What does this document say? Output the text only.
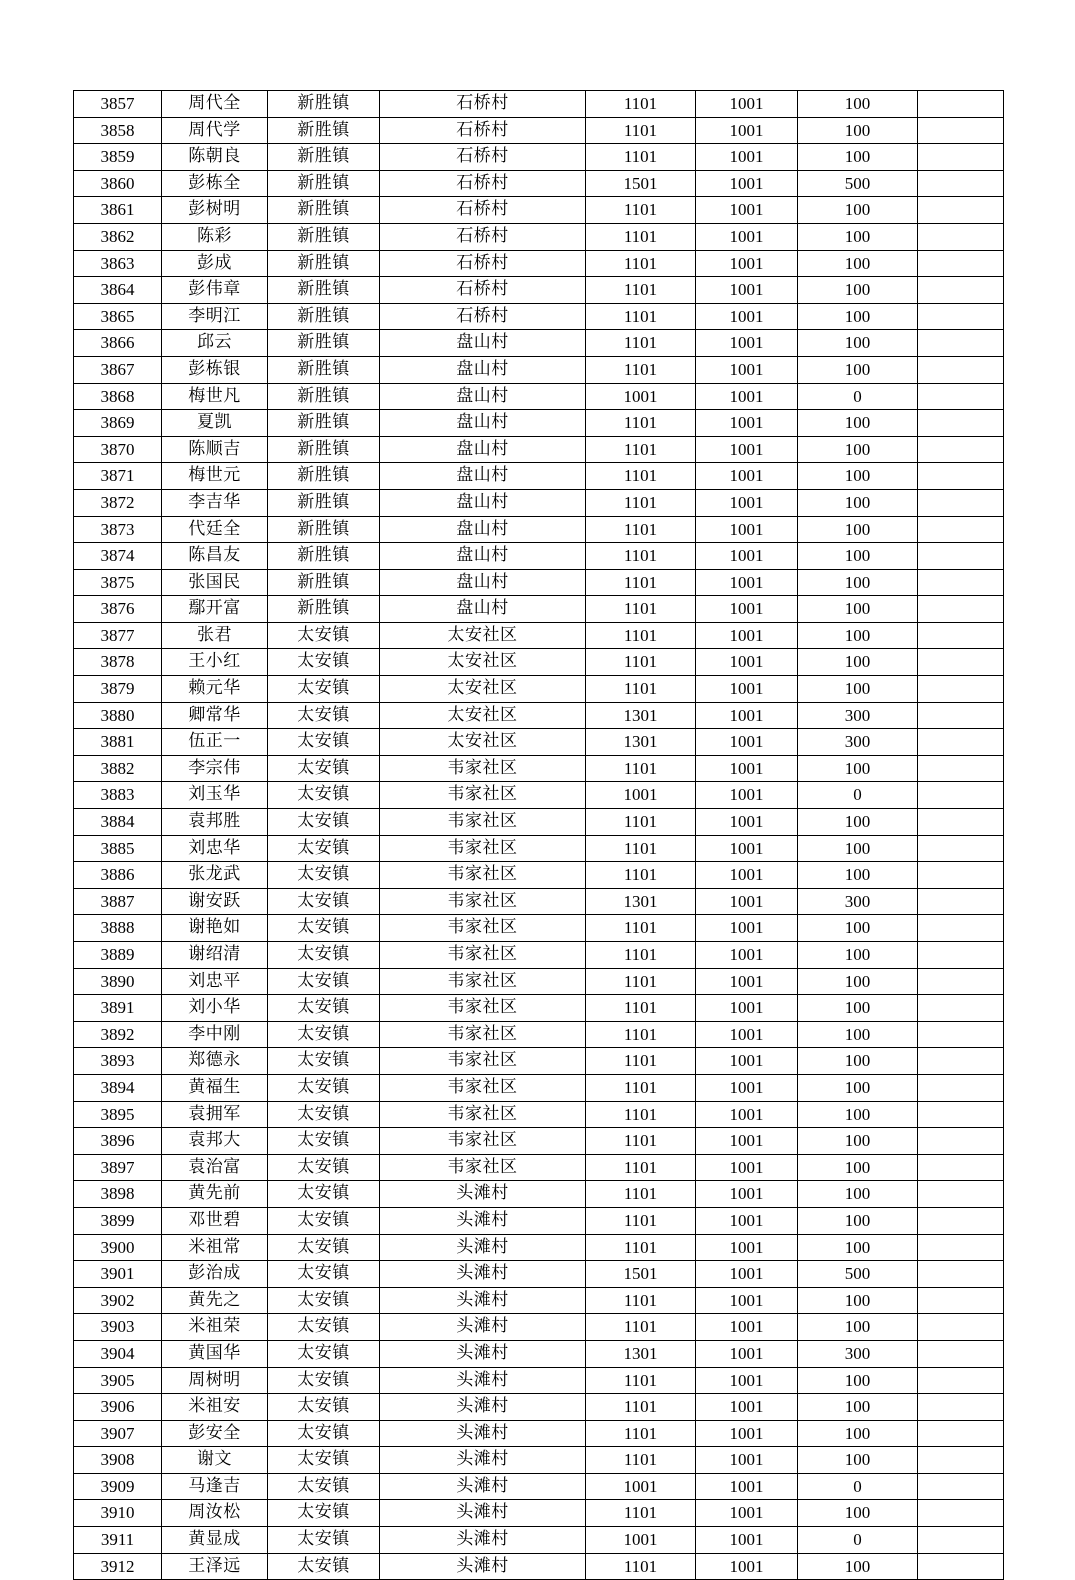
3857	周代全	新胜镇	石桥村	1101	1001	100	
3858	周代学	新胜镇	石桥村	1101	1001	100	
3859	陈朝良	新胜镇	石桥村	1101	1001	100	
3860	彭栋全	新胜镇	石桥村	1501	1001	500	
3861	彭树明	新胜镇	石桥村	1101	1001	100	
3862	陈彩	新胜镇	石桥村	1101	1001	100	
3863	彭成	新胜镇	石桥村	1101	1001	100	
3864	彭伟章	新胜镇	石桥村	1101	1001	100	
3865	李明江	新胜镇	石桥村	1101	1001	100	
3866	邱云	新胜镇	盘山村	1101	1001	100	
3867	彭栋银	新胜镇	盘山村	1101	1001	100	
3868	梅世凡	新胜镇	盘山村	1001	1001	0	
3869	夏凯	新胜镇	盘山村	1101	1001	100	
3870	陈顺吉	新胜镇	盘山村	1101	1001	100	
3871	梅世元	新胜镇	盘山村	1101	1001	100	
3872	李吉华	新胜镇	盘山村	1101	1001	100	
3873	代廷全	新胜镇	盘山村	1101	1001	100	
3874	陈昌友	新胜镇	盘山村	1101	1001	100	
3875	张国民	新胜镇	盘山村	1101	1001	100	
3876	鄢开富	新胜镇	盘山村	1101	1001	100	
3877	张君	太安镇	太安社区	1101	1001	100	
3878	王小红	太安镇	太安社区	1101	1001	100	
3879	赖元华	太安镇	太安社区	1101	1001	100	
3880	卿常华	太安镇	太安社区	1301	1001	300	
3881	伍正一	太安镇	太安社区	1301	1001	300	
3882	李宗伟	太安镇	韦家社区	1101	1001	100	
3883	刘玉华	太安镇	韦家社区	1001	1001	0	
3884	袁邦胜	太安镇	韦家社区	1101	1001	100	
3885	刘忠华	太安镇	韦家社区	1101	1001	100	
3886	张龙武	太安镇	韦家社区	1101	1001	100	
3887	谢安跃	太安镇	韦家社区	1301	1001	300	
3888	谢艳如	太安镇	韦家社区	1101	1001	100	
3889	谢绍清	太安镇	韦家社区	1101	1001	100	
3890	刘忠平	太安镇	韦家社区	1101	1001	100	
3891	刘小华	太安镇	韦家社区	1101	1001	100	
3892	李中刚	太安镇	韦家社区	1101	1001	100	
3893	郑德永	太安镇	韦家社区	1101	1001	100	
3894	黄福生	太安镇	韦家社区	1101	1001	100	
3895	袁拥军	太安镇	韦家社区	1101	1001	100	
3896	袁邦大	太安镇	韦家社区	1101	1001	100	
3897	袁治富	太安镇	韦家社区	1101	1001	100	
3898	黄先前	太安镇	头滩村	1101	1001	100	
3899	邓世碧	太安镇	头滩村	1101	1001	100	
3900	米祖常	太安镇	头滩村	1101	1001	100	
3901	彭治成	太安镇	头滩村	1501	1001	500	
3902	黄先之	太安镇	头滩村	1101	1001	100	
3903	米祖荣	太安镇	头滩村	1101	1001	100	
3904	黄国华	太安镇	头滩村	1301	1001	300	
3905	周树明	太安镇	头滩村	1101	1001	100	
3906	米祖安	太安镇	头滩村	1101	1001	100	
3907	彭安全	太安镇	头滩村	1101	1001	100	
3908	谢文	太安镇	头滩村	1101	1001	100	
3909	马逢吉	太安镇	头滩村	1001	1001	0	
3910	周汝松	太安镇	头滩村	1101	1001	100	
3911	黄显成	太安镇	头滩村	1001	1001	0	
3912	王泽远	太安镇	头滩村	1101	1001	100	
